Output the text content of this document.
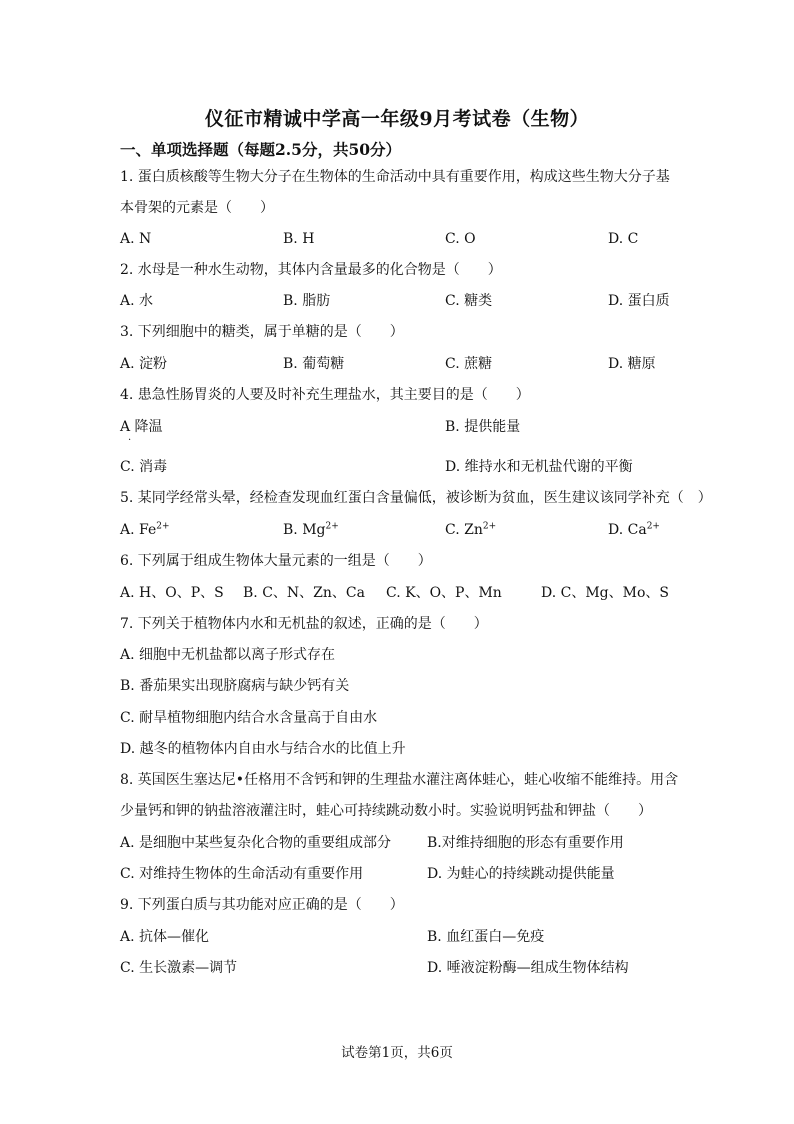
仪征市精诚中学高一年级9月考试卷（生物）
一、单项选择题（每题2.5分，共50分）
1. 蛋白质核酸等生物大分子在生物体的生命活动中具有重要作用，构成这些生物大分子基
本骨架的元素是（　　）
A. N	B. H	C. O	D. C
2. 水母是一种水生动物，其体内含量最多的化合物是（　　）
A. 水	B. 脂肪	C. 糖类	D. 蛋白质
3. 下列细胞中的糖类，属于单糖的是（　　）
A. 淀粉	B. 葡萄糖	C. 蔗糖	D. 糖原
4. 患急性肠胃炎的人要及时补充生理盐水，其主要目的是（　　）
A 降温
.
B. 提供能量
C. 消毒	D. 维持水和无机盐代谢的平衡
5. 某同学经常头晕，经检查发现血红蛋白含量偏低，被诊断为贫血，医生建议该同学补充（　）
A. $Fe^{2+}$	B. $Mg^{2+}$	C. $Zn^{2+}$	D. $Ca^{2+}$
6. 下列属于组成生物体大量元素的一组是（　　）
A. H、O、P、S B. C、N、Zn、Ca C. K、O、P、Mn	D. C、Mg、Mo、S
7. 下列关于植物体内水和无机盐的叙述，正确的是（　　）
A. 细胞中无机盐都以离子形式存在
B. 番茄果实出现脐腐病与缺少钙有关
C. 耐旱植物细胞内结合水含量高于自由水
D. 越冬的植物体内自由水与结合水的比值上升
8. 英国医生塞达尼•任格用不含钙和钾的生理盐水灌注离体蛙心，蛙心收缩不能维持。用含
少量钙和钾的钠盐溶液灌注时，蛙心可持续跳动数小时。实验说明钙盐和钾盐（　　）
A. 是细胞中某些复杂化合物的重要组成部分	B.对维持细胞的形态有重要作用
C. 对维持生物体的生命活动有重要作用	D. 为蛙心的持续跳动提供能量
9. 下列蛋白质与其功能对应正确的是（　　）
A. 抗体—催化	B. 血红蛋白—免疫
C. 生长激素—调节	D. 唾液淀粉酶—组成生物体结构
试卷第1页，共6页
